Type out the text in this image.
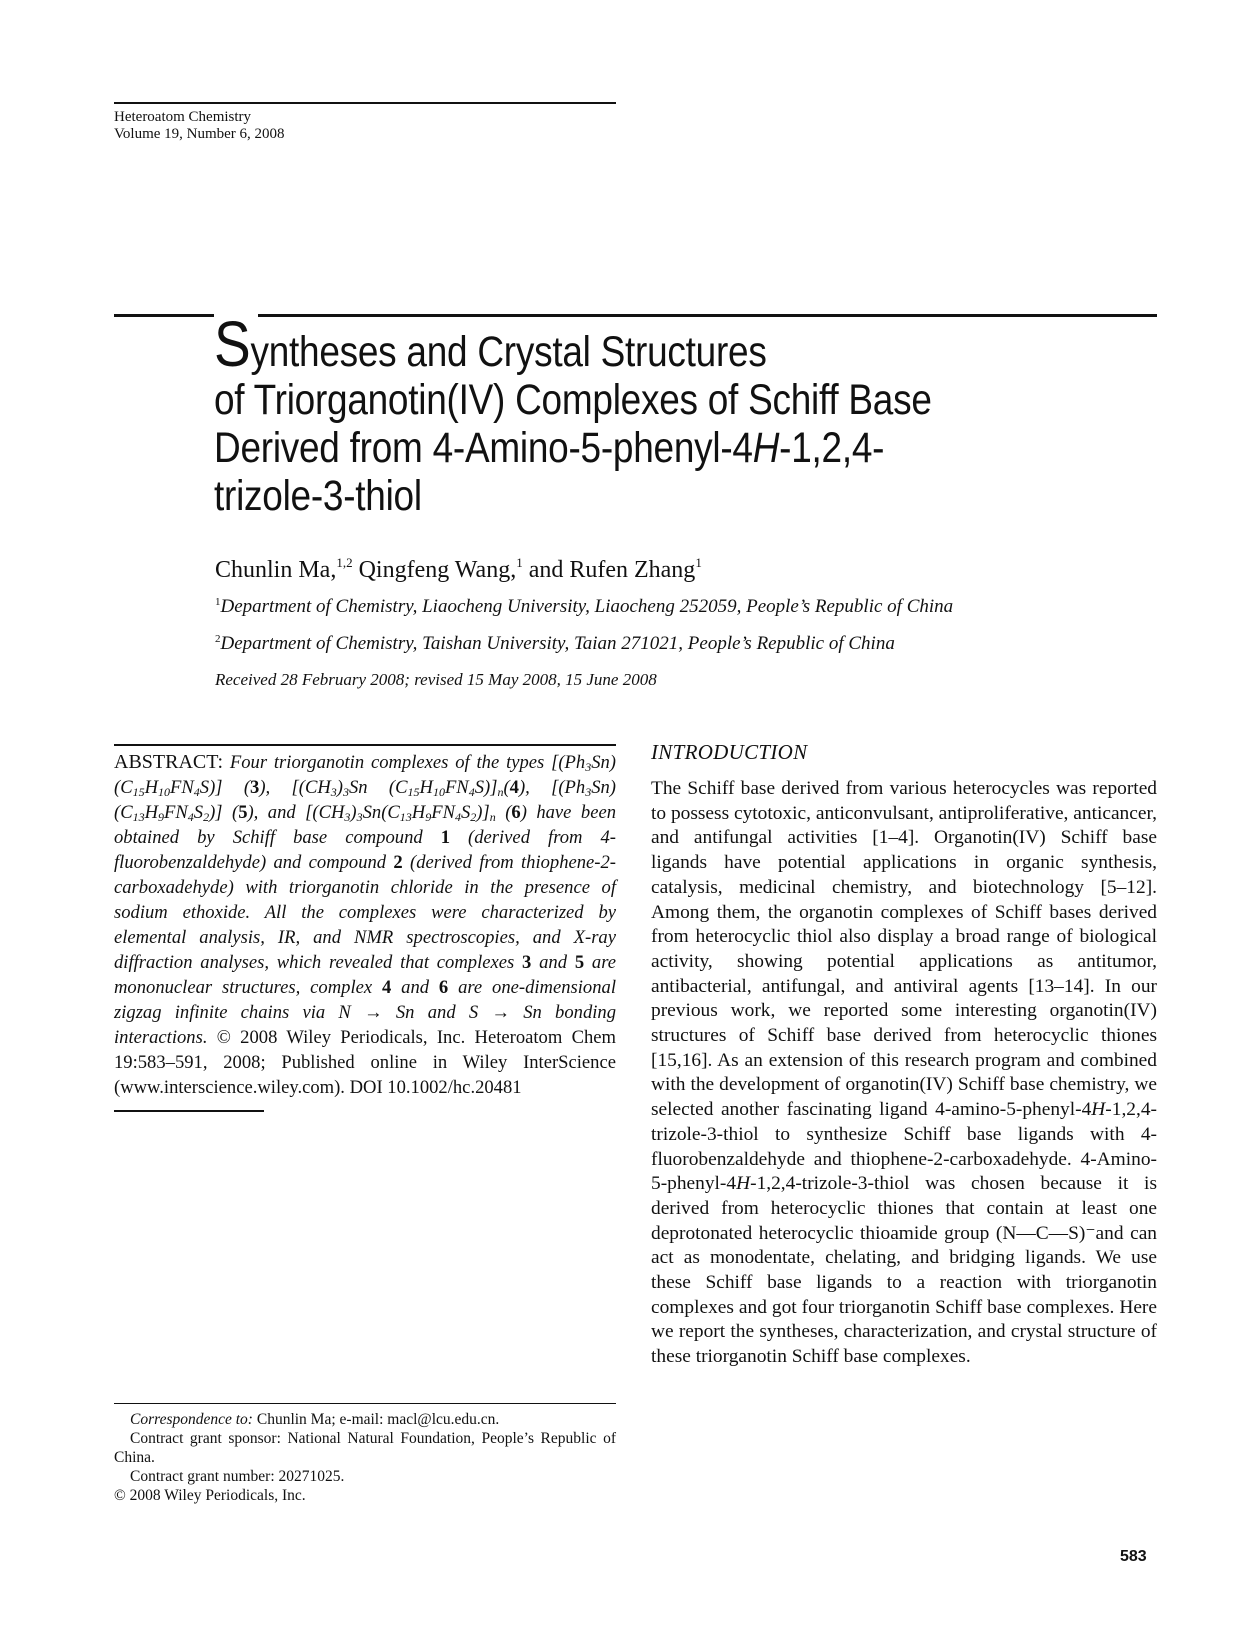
Heteroatom Chemistry
Volume 19, Number 6, 2008
Syntheses and Crystal Structures
of Triorganotin(IV) Complexes of Schiff Base
Derived from 4-Amino-5-phenyl-4H-1,2,4-
trizole-3-thiol
Chunlin Ma,$^{1,2}$ Qingfeng Wang,$^1$ and Rufen Zhang$^1$
$^1$Department of Chemistry, Liaocheng University, Liaocheng 252059, People’s Republic of China
$^2$Department of Chemistry, Taishan University, Taian 271021, People’s Republic of China
Received 28 February 2008; revised 15 May 2008, 15 June 2008

ABSTRACT: Four triorganotin complexes of the types $[(Ph_3Sn)(C_{15}H_{10}FN_4S)]$ (3), [$(CH_3)_3Sn$ $(C_{15}H_{10}FN_4S)]_n(4)$, $[(Ph_3Sn)(C_{13}H_9FN_4S_2)]$ (5), and $[(CH_3)_3Sn(C_{13}H_9FN_4S_2)]_n$ (6) have been obtained by Schiff base compound 1 (derived from 4-fluorobenzaldehyde) and compound 2 (derived from thiophene-2-carboxadehyde) with triorganotin chloride in the presence of sodium ethoxide. All the complexes were characterized by elemental analysis, IR, and NMR spectroscopies, and X-ray diffraction analyses, which revealed that complexes 3 and 5 are mononuclear structures, complex 4 and 6 are one-dimensional zigzag infinite chains via N → Sn and S → Sn bonding interactions. © 2008 Wiley Periodicals, Inc. Heteroatom Chem 19:583–591, 2008; Published online in Wiley InterScience (www.interscience.wiley.com). DOI 10.1002/hc.20481

Correspondence to: Chunlin Ma; e-mail: macl@lcu.edu.cn.

Contract grant sponsor: National Natural Foundation, People’s Republic of China.

Contract grant number: 20271025.

© 2008 Wiley Periodicals, Inc.

INTRODUCTION

The Schiff base derived from various heterocycles was reported to possess cytotoxic, anticonvulsant, antiproliferative, anticancer, and antifungal activities [1–4]. Organotin(IV) Schiff base ligands have potential applications in organic synthesis, catalysis, medicinal chemistry, and biotechnology [5–12]. Among them, the organotin complexes of Schiff bases derived from heterocyclic thiol also display a broad range of biological activity, showing potential applications as antitumor, antibacterial, antifungal, and antiviral agents [13–14]. In our previous work, we reported some interesting organotin(IV) structures of Schiff base derived from heterocyclic thiones [15,16]. As an extension of this research program and combined with the development of organotin(IV) Schiff base chemistry, we selected another fascinating ligand 4-amino-5-phenyl-4H-1,2,4-trizole-3-thiol to synthesize Schiff base ligands with 4-fluorobenzaldehyde and thiophene-2-carboxadehyde. 4-Amino-5-phenyl-4H-1,2,4-trizole-3-thiol was chosen because it is derived from heterocyclic thiones that contain at least one deprotonated heterocyclic thioamide group (N—C—S)⁻and can act as monodentate, chelating, and bridging ligands. We use these Schiff base ligands to a reaction with triorganotin complexes and got four triorganotin Schiff base complexes. Here we report the syntheses, characterization, and crystal structure of these triorganotin Schiff base complexes.

583
